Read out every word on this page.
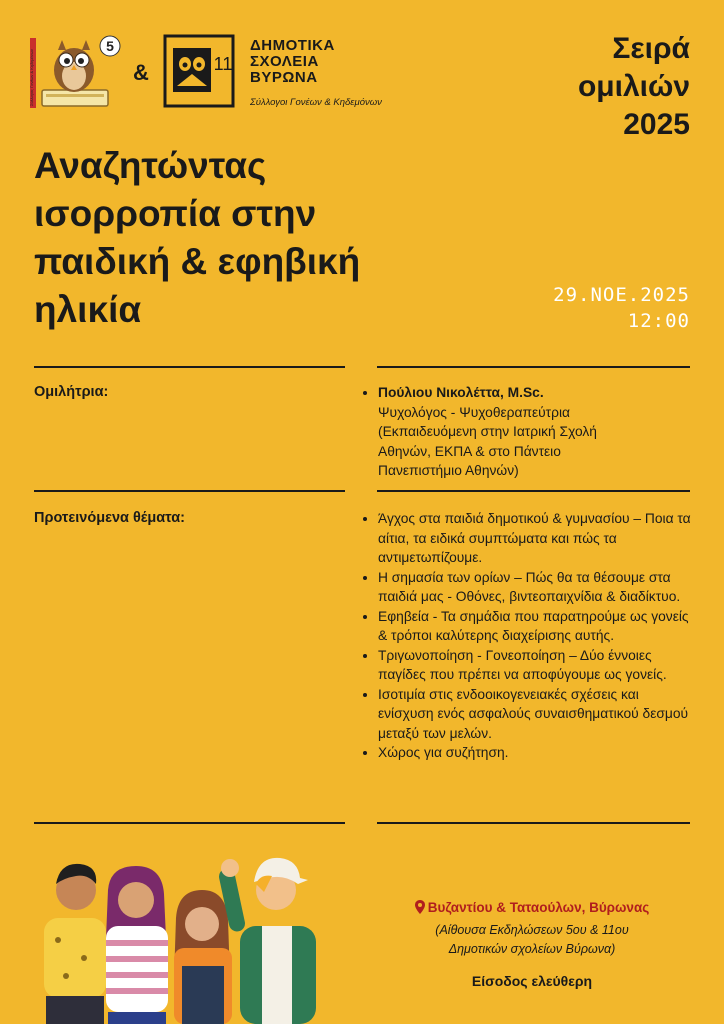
Σύλλογος Γονέων & Κηδεμόνων
5
&	11
ΔΗΜΟΤΙΚΑ
ΣΧΟΛΕΙΑ
ΒΥΡΩΝΑ
Σύλλογοι Γονέων & Κηδεμόνων
Σειρά
ομιλιών
2025
Αναζητώντας
ισορροπία στην
παιδική & εφηβική
ηλικία	29.ΝΟΕ.2025
12:00
Ομιλήτρια:	• Πούλιου Νικολέττα, M.Sc.
Ψυχολόγος - Ψυχοθεραπεύτρια
(Εκπαιδευόμενη στην Ιατρική Σχολή
Αθηνών, ΕΚΠΑ & στο Πάντειο
Πανεπιστήμιο Αθηνών)
Προτεινόμενα θέματα:	• Άγχος στα παιδιά δημοτικού & γυμνασίου – Ποια τα αίτια, τα ειδικά συμπτώματα και πώς τα αντιμετωπίζουμε.
• Η σημασία των ορίων – Πώς θα τα θέσουμε στα παιδιά μας - Οθόνες, βιντεοπαιχνίδια & διαδίκτυο.
• Εφηβεία - Τα σημάδια που παρατηρούμε ως γονείς & τρόποι καλύτερης διαχείρισης αυτής.
• Τριγωνοποίηση - Γονεοποίηση – Δύο έννοιες παγίδες που πρέπει να αποφύγουμε ως γονείς.
• Ισοτιμία στις ενδοοικογενειακές σχέσεις και ενίσχυση ενός ασφαλούς συναισθηματικού δεσμού μεταξύ των μελών.
• Χώρος για συζήτηση.
Βυζαντίου & Ταταούλων, Βύρωνας
(Αίθουσα Εκδηλώσεων 5ου & 11ου
Δημοτικών σχολείων Βύρωνα)
Είσοδος ελεύθερη
